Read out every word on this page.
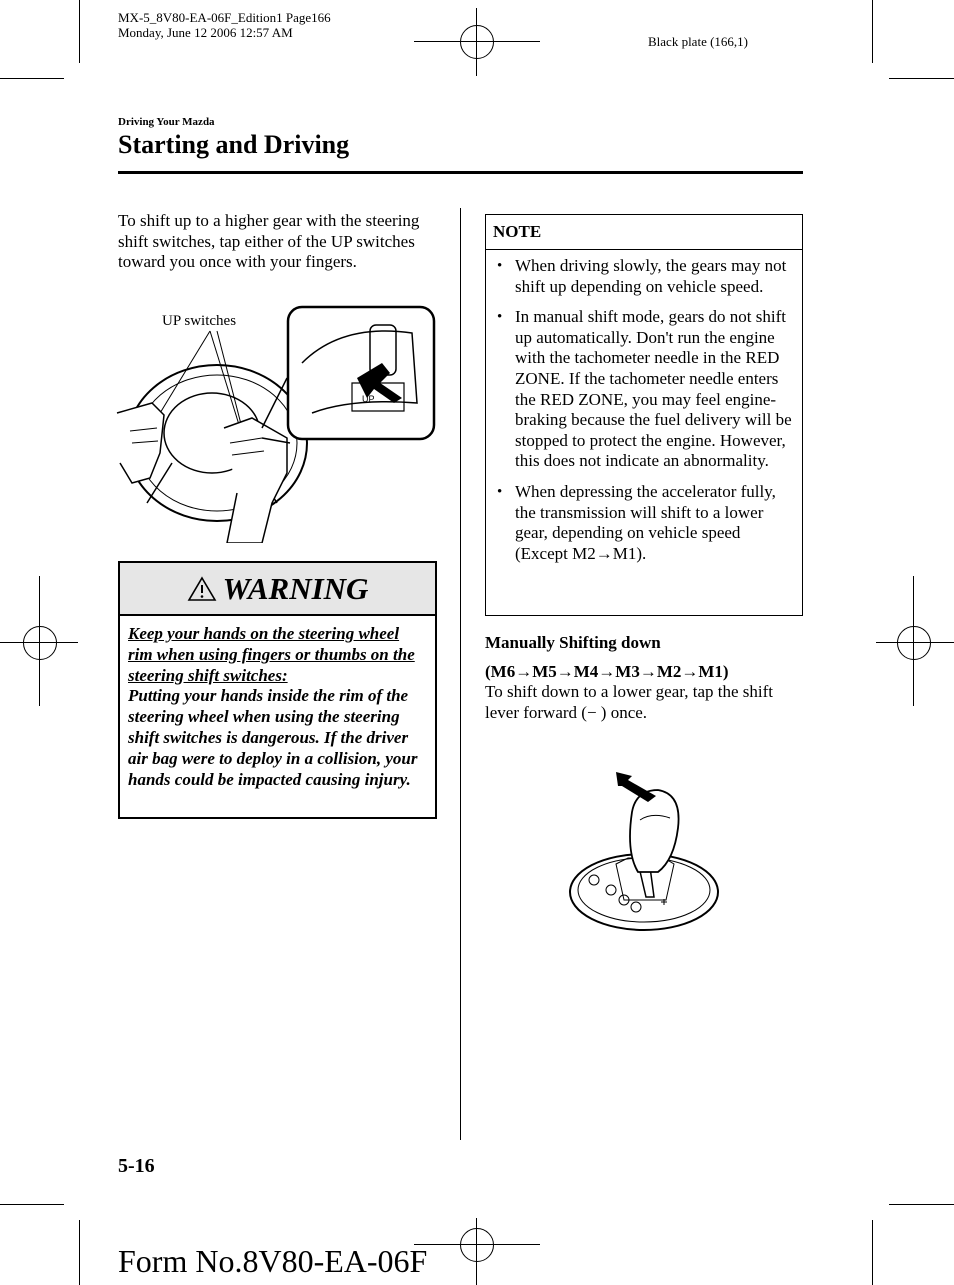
MX-5_8V80-EA-06F_Edition1 Page166
Monday, June 12 2006 12:57 AM
Black plate (166,1)
Driving Your Mazda
Starting and Driving
To shift up to a higher gear with the steering shift switches, tap either of the UP switches toward you once with your fingers.
UP switches
UP
WARNING
Keep your hands on the steering wheel rim when using fingers or thumbs on the steering shift switches:
Putting your hands inside the rim of the steering wheel when using the steering shift switches is dangerous. If the driver air bag were to deploy in a collision, your hands could be impacted causing injury.
NOTE
• When driving slowly, the gears may not shift up depending on vehicle speed.
• In manual shift mode, gears do not shift up automatically. Don't run the engine with the tachometer needle in the RED ZONE. If the tachometer needle enters the RED ZONE, you may feel engine-braking because the fuel delivery will be stopped to protect the engine. However, this does not indicate an abnormality.
• When depressing the accelerator fully, the transmission will shift to a lower gear, depending on vehicle speed (Except M2→M1).
Manually Shifting down
(M6→M5→M4→M3→M2→M1)
To shift down to a lower gear, tap the shift lever forward (− ) once.
5-16
Form No.8V80-EA-06F
